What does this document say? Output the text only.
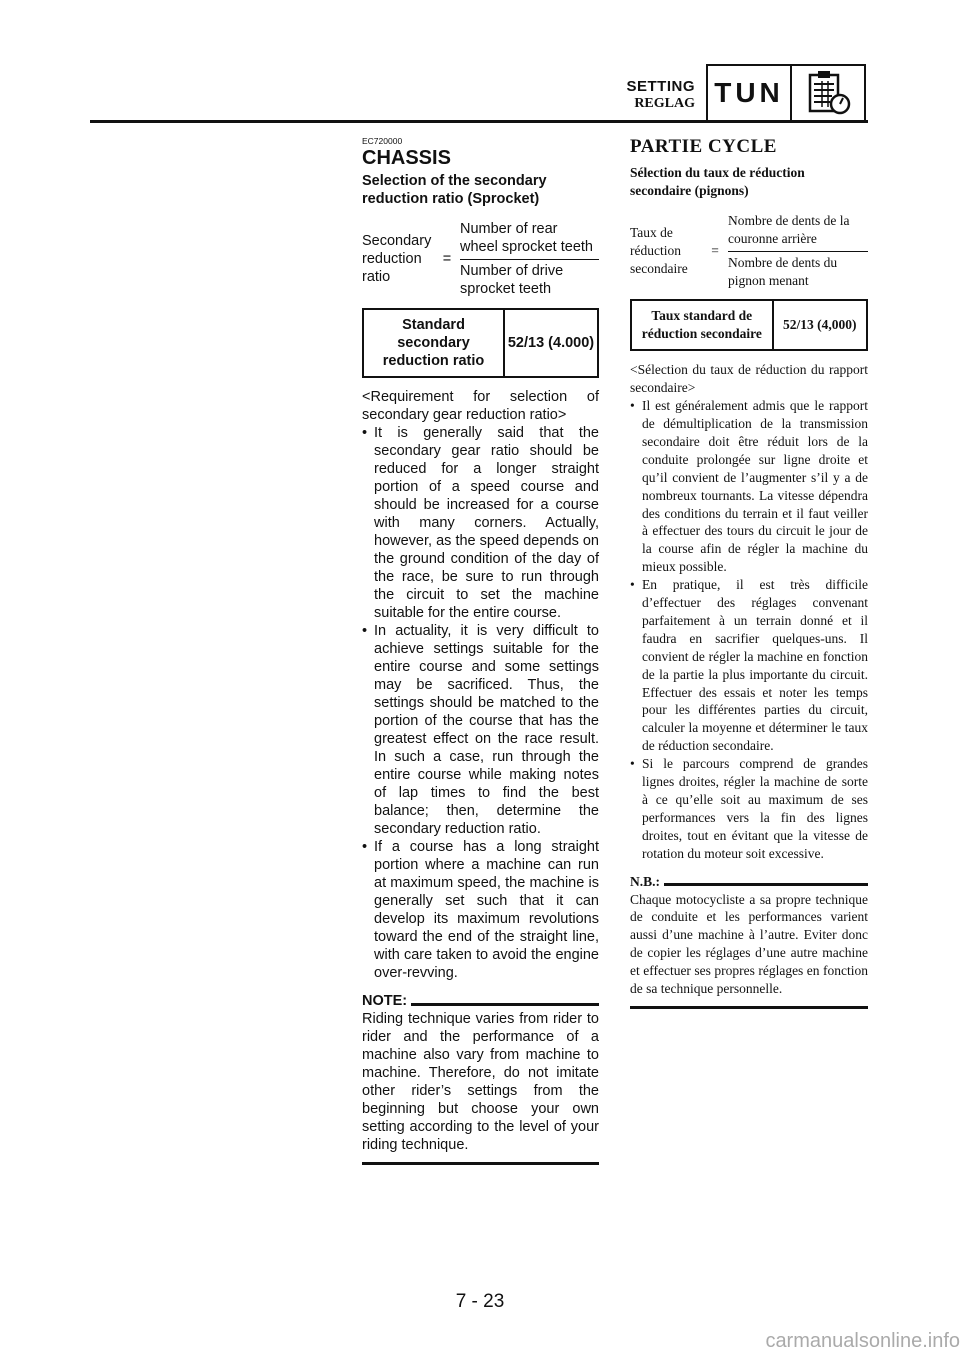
SETTING
REGLAG TUN
EC720000
CHASSIS
Selection of the secondary reduction ratio (Sprocket)
Secondary reduction ratio
= $\frac{\text{Number of rear wheel sprocket teeth}}{\text{Number of drive sprocket teeth}}$
Standard secondary reduction ratio	52/13 (4.000)
<Requirement for selection of secondary gear reduction ratio>
• It is generally said that the secondary gear ratio should be reduced for a longer straight portion of a speed course and should be increased for a course with many corners. Actually, however, as the speed depends on the ground condition of the day of the race, be sure to run through the circuit to set the machine suitable for the entire course.
• In actuality, it is very difficult to achieve settings suitable for the entire course and some settings may be sacrificed. Thus, the settings should be matched to the portion of the course that has the greatest effect on the race result. In such a case, run through the entire course while making notes of lap times to find the best balance; then, determine the secondary reduction ratio.
• If a course has a long straight portion where a machine can run at maximum speed, the machine is generally set such that it can develop its maximum revolutions toward the end of the straight line, with care taken to avoid the engine over-revving.
NOTE:
Riding technique varies from rider to rider and the performance of a machine also vary from machine to machine. Therefore, do not imitate other rider’s settings from the beginning but choose your own setting according to the level of your riding technique.
PARTIE CYCLE
Sélection du taux de réduction secondaire (pignons)
Taux de réduction secondaire
= $\frac{\text{Nombre de dents de la couronne arrière}}{\text{Nombre de dents du pignon menant}}$
Taux standard de réduction secondaire	52/13 (4,000)
<Sélection du taux de réduction du rapport secondaire>
• Il est généralement admis que le rapport de démultiplication de la transmission secondaire doit être réduit lors de la conduite prolongée sur ligne droite et qu’il convient de l’augmenter s’il y a de nombreux tournants. La vitesse dépendra des conditions du terrain et il faut veiller à effectuer des tours du circuit le jour de la course afin de régler la machine du mieux possible.
• En pratique, il est très difficile d’effectuer des réglages convenant parfaitement à un terrain donné et il faudra en sacrifier quelques-uns. Il convient de régler la machine en fonction de la partie la plus importante du circuit. Effectuer des essais et noter les temps pour les différentes parties du circuit, calculer la moyenne et déterminer le taux de réduction secondaire.
• Si le parcours comprend de grandes lignes droites, régler la machine de sorte à ce qu’elle soit au maximum de ses performances vers la fin des lignes droites, tout en évitant que la vitesse de rotation du moteur soit excessive.
N.B.:
Chaque motocycliste a sa propre technique de conduite et les performances varient aussi d’une machine à l’autre. Eviter donc de copier les réglages d’une autre machine et effectuer ses propres réglages en fonction de sa technique personnelle.
7 - 23
carmanualsonline.info
